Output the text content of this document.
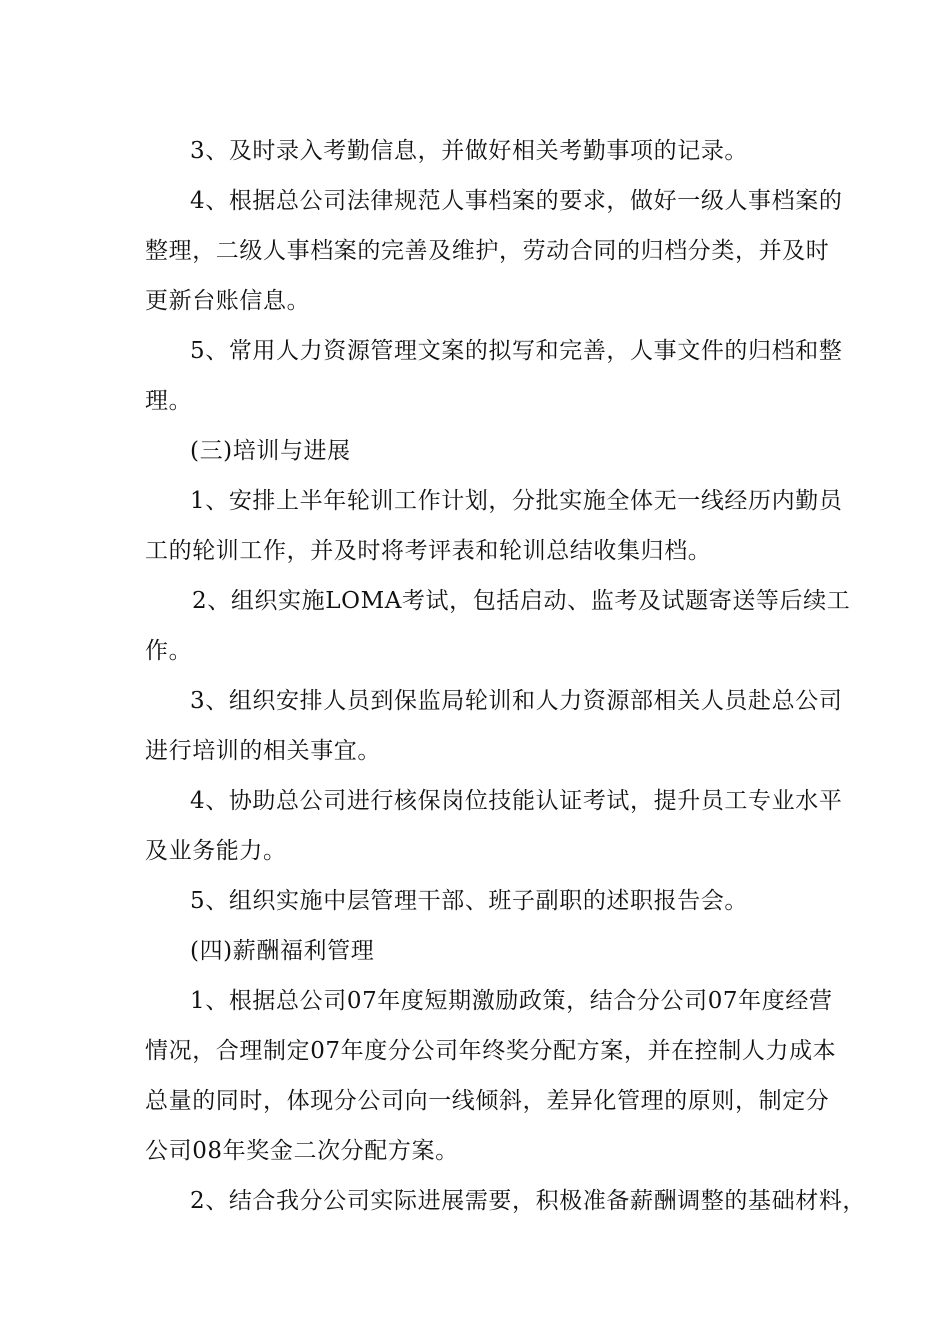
3、及时录入考勤信息，并做好相关考勤事项的记录。
4、根据总公司法律规范人事档案的要求，做好一级人事档案的
整理，二级人事档案的完善及维护，劳动合同的归档分类，并及时
更新台账信息。
5、常用人力资源管理文案的拟写和完善，人事文件的归档和整
理。
(三)培训与进展
1、安排上半年轮训工作计划，分批实施全体无一线经历内勤员
工的轮训工作，并及时将考评表和轮训总结收集归档。
2、组织实施LOMA考试，包括启动、监考及试题寄送等后续工
作。
3、组织安排人员到保监局轮训和人力资源部相关人员赴总公司
进行培训的相关事宜。
4、协助总公司进行核保岗位技能认证考试，提升员工专业水平
及业务能力。
5、组织实施中层管理干部、班子副职的述职报告会。
(四)薪酬福利管理
1、根据总公司07年度短期激励政策，结合分公司07年度经营
情况，合理制定07年度分公司年终奖分配方案，并在控制人力成本
总量的同时，体现分公司向一线倾斜，差异化管理的原则，制定分
公司08年奖金二次分配方案。
2、结合我分公司实际进展需要，积极准备薪酬调整的基础材料，
